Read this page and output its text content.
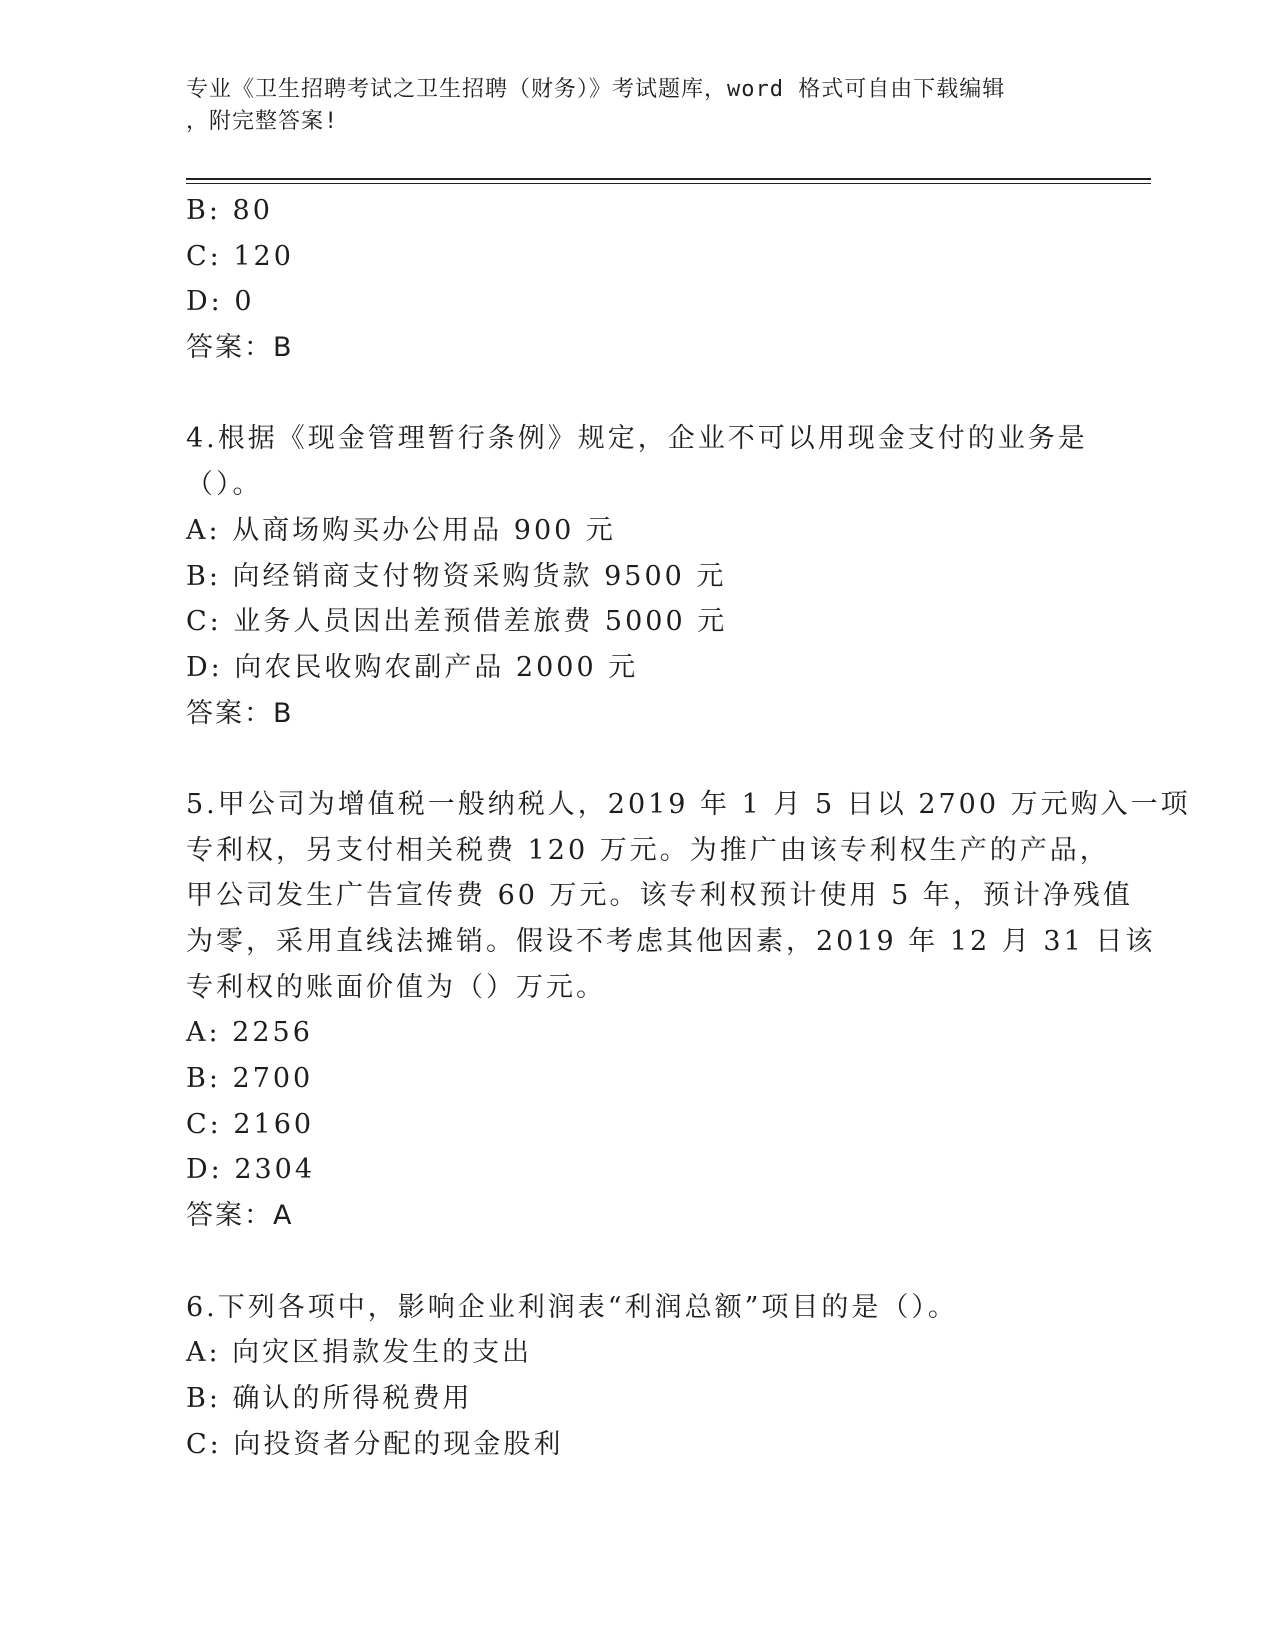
专业《卫生招聘考试之卫生招聘（财务）》考试题库，word 格式可自由下载编辑
，附完整答案!
B: 80
C: 120
D: 0
答案：B
4.根据《现金管理暂行条例》规定，企业不可以用现金支付的业务是
（）。
A: 从商场购买办公用品 900 元
B: 向经销商支付物资采购货款 9500 元
C: 业务人员因出差预借差旅费 5000 元
D: 向农民收购农副产品 2000 元
答案：B
5.甲公司为增值税一般纳税人，2019 年 1 月 5 日以 2700 万元购入一项
专利权，另支付相关税费 120 万元。为推广由该专利权生产的产品，
甲公司发生广告宣传费 60 万元。该专利权预计使用 5 年，预计净残值
为零，采用直线法摊销。假设不考虑其他因素，2019 年 12 月 31 日该
专利权的账面价值为（）万元。
A: 2256
B: 2700
C: 2160
D: 2304
答案：A
6.下列各项中，影响企业利润表“利润总额”项目的是（）。
A: 向灾区捐款发生的支出
B: 确认的所得税费用
C: 向投资者分配的现金股利
